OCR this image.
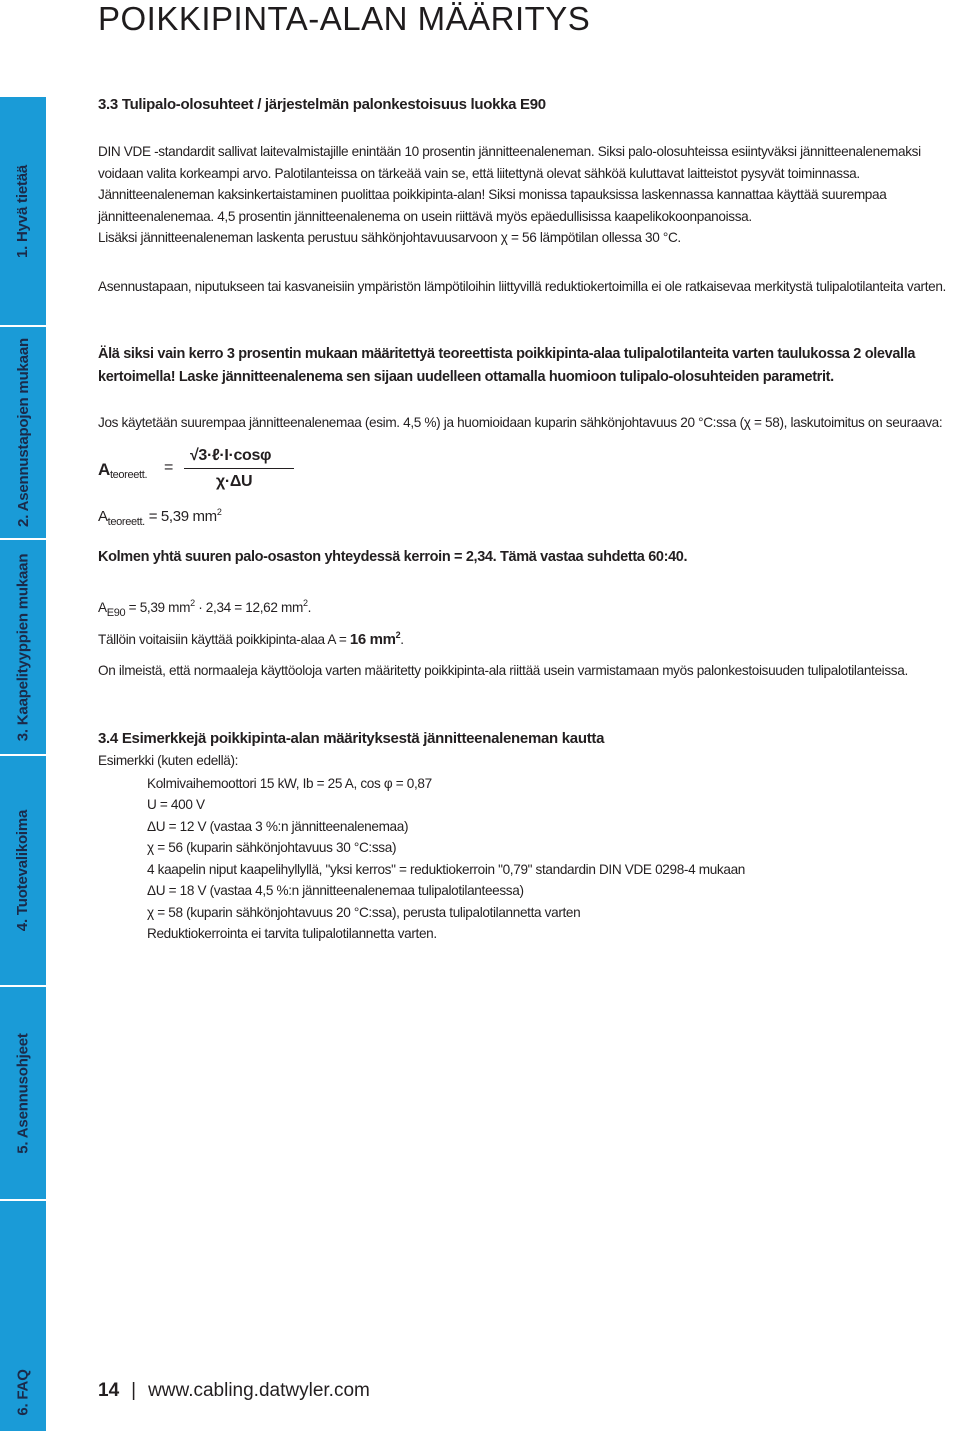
POIKKIPINTA-ALAN MÄÄRITYS
1. Hyvä tietää
2. Asennustapojen mukaan
3. Kaapelityyppien mukaan
4. Tuotevalikoima
5. Asennusohjeet
6. FAQ

3.3 Tulipalo-olosuhteet / järjestelmän palonkestoisuus luokka E90

DIN VDE -standardit sallivat laitevalmistajille enintään 10 prosentin jännitteenaleneman. Siksi palo-olosuhteissa esiintyväksi jännitteenalenemaksi voidaan valita korkeampi arvo. Palotilanteissa on tärkeää vain se, että liitettynä olevat sähköä kuluttavat laitteistot pysyvät toiminnassa. Jännitteenaleneman kaksinkertaistaminen puolittaa poikkipinta-alan! Siksi monissa tapauksissa laskennassa kannattaa käyttää suurempaa jännitteenalenemaa. 4,5 prosentin jännitteenalenema on usein riittävä myös epäedullisissa kaapelikokoonpanoissa.
Lisäksi jännitteenaleneman laskenta perustuu sähkönjohtavuusarvoon χ = 56 lämpötilan ollessa 30 °C.

Asennustapaan, niputukseen tai kasvaneisiin ympäristön lämpötiloihin liittyvillä reduktiokertoimilla ei ole ratkaisevaa merkitystä tulipalotilanteita varten.

Älä siksi vain kerro 3 prosentin mukaan määritettyä teoreettista poikkipinta-alaa tulipalotilanteita varten taulukossa 2 olevalla kertoimella! Laske jännitteenalenema sen sijaan uudelleen ottamalla huomioon tulipalo-olosuhteiden parametrit.

Jos käytetään suurempaa jännitteenalenemaa (esim. 4,5 %) ja huomioidaan kuparin sähkönjohtavuus 20 °C:ssa (χ = 58), laskutoimitus on seuraava:

$A_{teoreett.}$ =
√3·ℓ·I·cosφ
χ·ΔU

$A_{teoreett.} = 5,39$ $mm^2$

Kolmen yhtä suuren palo-osaston yhteydessä kerroin = 2,34. Tämä vastaa suhdetta 60:40.

$A_{E90} = 5,39$ $mm^2 \cdot 2,34 = 12,62$ $mm^2$.
Tällöin voitaisiin käyttää poikkipinta-alaa A = 16 $mm^2$.

On ilmeistä, että normaaleja käyttöoloja varten määritetty poikkipinta-ala riittää usein varmistamaan myös palonkestoisuuden tulipalotilanteissa.

3.4 Esimerkkejä poikkipinta-alan määrityksestä jännitteenaleneman kautta

Esimerkki (kuten edellä):

Kolmivaihemoottori 15 kW, Ib = 25 A, cos φ = 0,87
U = 400 V
ΔU = 12 V (vastaa 3 %:n jännitteenalenemaa)
χ = 56 (kuparin sähkönjohtavuus 30 °C:ssa)
4 kaapelin niput kaapelihyllyllä, "yksi kerros" = reduktiokerroin "0,79" standardin DIN VDE 0298-4 mukaan
ΔU = 18 V (vastaa 4,5 %:n jännitteenalenemaa tulipalotilanteessa)
χ = 58 (kuparin sähkönjohtavuus 20 °C:ssa), perusta tulipalotilannetta varten
Reduktiokerrointa ei tarvita tulipalotilannetta varten.
14 | www.cabling.datwyler.com
